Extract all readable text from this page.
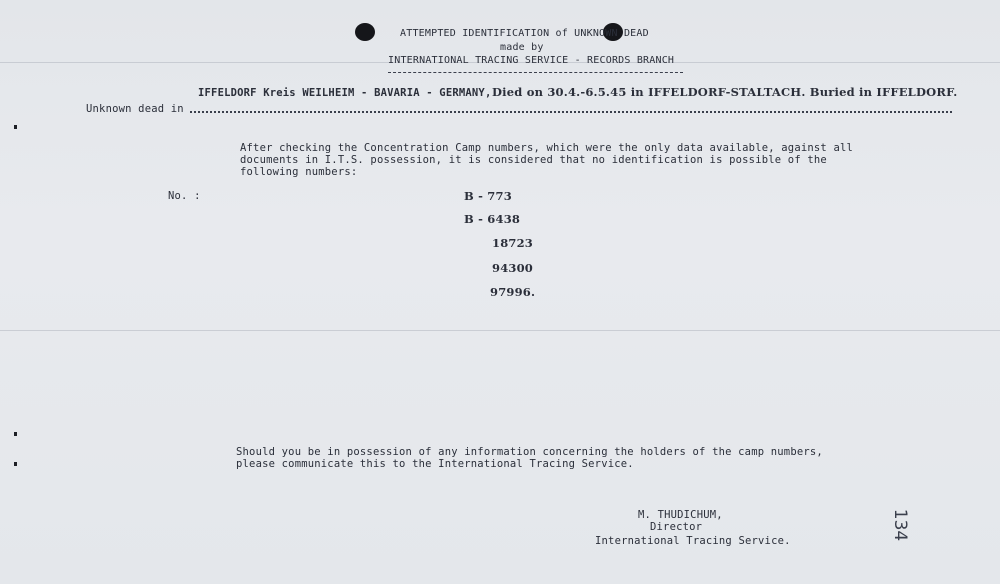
ATTEMPTED IDENTIFICATION of UNKNOWN DEAD
made by
INTERNATIONAL TRACING SERVICE - RECORDS BRANCH
Unknown dead in
IFFELDORF Kreis WEILHEIM - BAVARIA - GERMANY, Died on 30.4.-6.5.45 in IFFELDORF-STALTACH. Buried in IFFELDORF.
After checking the Concentration Camp numbers, which were the only data available, against all
documents in I.T.S. possession, it is considered that no identification is possible of the
following numbers:
No. :	B - 773
B - 6438
18723
94300
97996.
Should you be in possession of any information concerning the holders of the camp numbers,
please communicate this to the International Tracing Service.
M. THUDICHUM,
Director
International Tracing Service.	134
